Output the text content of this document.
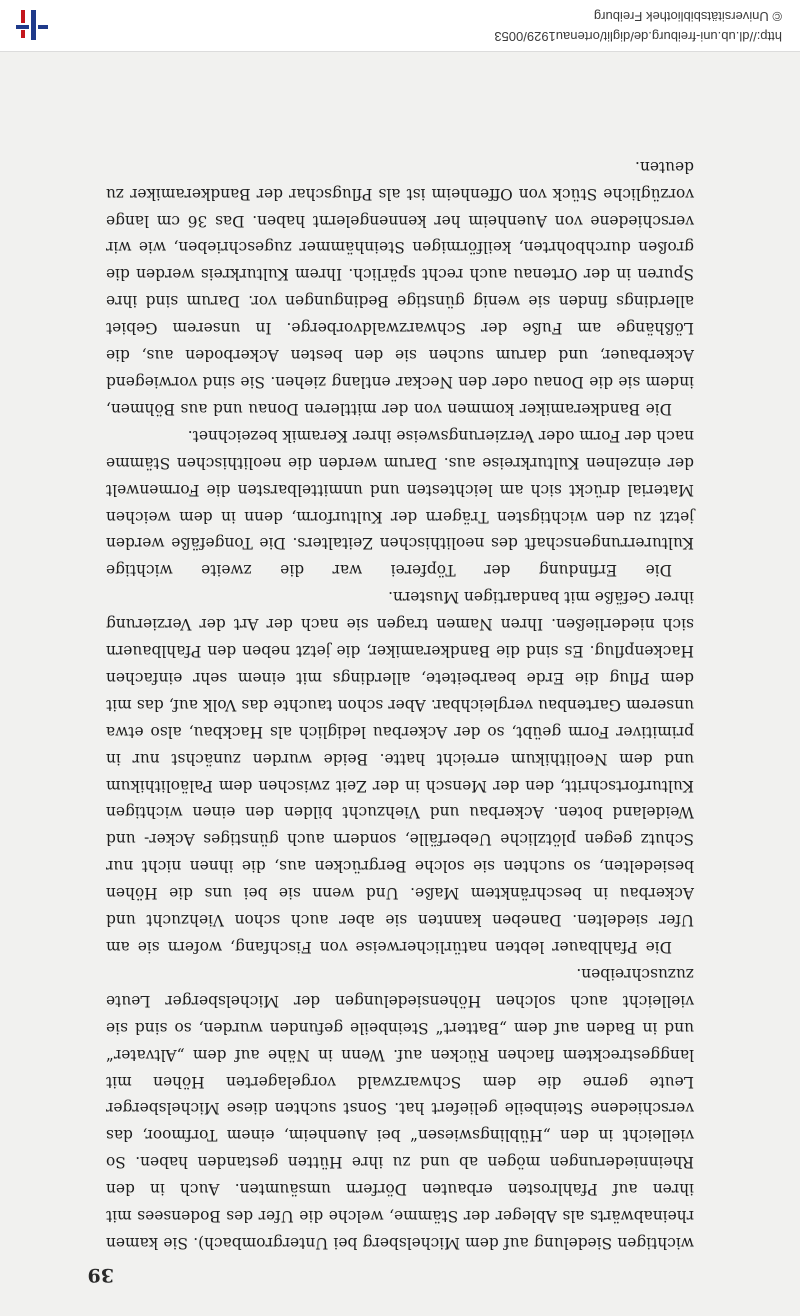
39

wichtigen Siedelung auf dem Michelsberg bei Untergrombach). Sie kamen rheinabwärts als Ableger der Stämme, welche die Ufer des Bodensees mit ihren auf Pfahlrosten erbauten Dörfern umsäumten. Auch in den Rheinniederungen mögen ab und zu ihre Hütten gestanden haben. So vielleicht in den „Hüblingswiesen“ bei Auenheim, einem Torfmoor, das verschiedene Steinbeile geliefert hat. Sonst suchten diese Michelsberger Leute gerne die dem Schwarzwald vorgelagerten Höhen mit langgestrecktem flachen Rücken auf. Wenn in Nähe auf dem „Altvater“ und in Baden auf dem „Battert“ Steinbeile gefunden wurden, so sind sie vielleicht auch solchen Höhensiedelungen der Michelsberger Leute zuzuschreiben.

Die Pfahlbauer lebten natürlicherweise von Fischfang, wofern sie am Ufer siedelten. Daneben kannten sie aber auch schon Viehzucht und Ackerbau in beschränktem Maße. Und wenn sie bei uns die Höhen besiedelten, so suchten sie solche Bergrücken aus, die ihnen nicht nur Schutz gegen plötzliche Ueberfälle, sondern auch günstiges Acker- und Weideland boten. Ackerbau und Viehzucht bilden den einen wichtigen Kulturfortschritt, den der Mensch in der Zeit zwischen dem Paläolithikum und dem Neolithikum erreicht hatte. Beide wurden zunächst nur in primitiver Form geübt, so der Ackerbau lediglich als Hackbau, also etwa unserem Gartenbau vergleichbar. Aber schon tauchte das Volk auf, das mit dem Pflug die Erde bearbeitete, allerdings mit einem sehr einfachen Hackenpflug. Es sind die Bandkeramiker, die jetzt neben den Pfahlbauern sich niederließen. Ihren Namen tragen sie nach der Art der Verzierung ihrer Gefäße mit bandartigen Mustern.

Die Erfindung der Töpferei war die zweite wichtige Kulturerrungenschaft des neolithischen Zeitalters. Die Tongefäße werden jetzt zu den wichtigsten Trägern der Kulturform, denn in dem weichen Material drückt sich am leichtesten und unmittelbarsten die Formenwelt der einzelnen Kulturkreise aus. Darum werden die neolithischen Stämme nach der Form oder Verzierungsweise ihrer Keramik bezeichnet.

Die Bandkeramiker kommen von der mittleren Donau und aus Böhmen, indem sie die Donau oder den Neckar entlang ziehen. Sie sind vorwiegend Ackerbauer, und darum suchen sie den besten Ackerboden aus, die Lößhänge am Fuße der Schwarzwaldvorberge. In unserem Gebiet allerdings finden sie wenig günstige Bedingungen vor. Darum sind ihre Spuren in der Ortenau auch recht spärlich. Ihrem Kulturkreis werden die großen durchbohrten, keilförmigen Steinhämmer zugeschrieben, wie wir verschiedene von Auenheim her kennengelernt haben. Das 36 cm lange vorzügliche Stück von Offenheim ist als Pflugschar der Bandkeramiker zu deuten.

http://dl.ub.uni-freiburg.de/diglit/ortenau1929/0053
© Universitätsbibliothek Freiburg
